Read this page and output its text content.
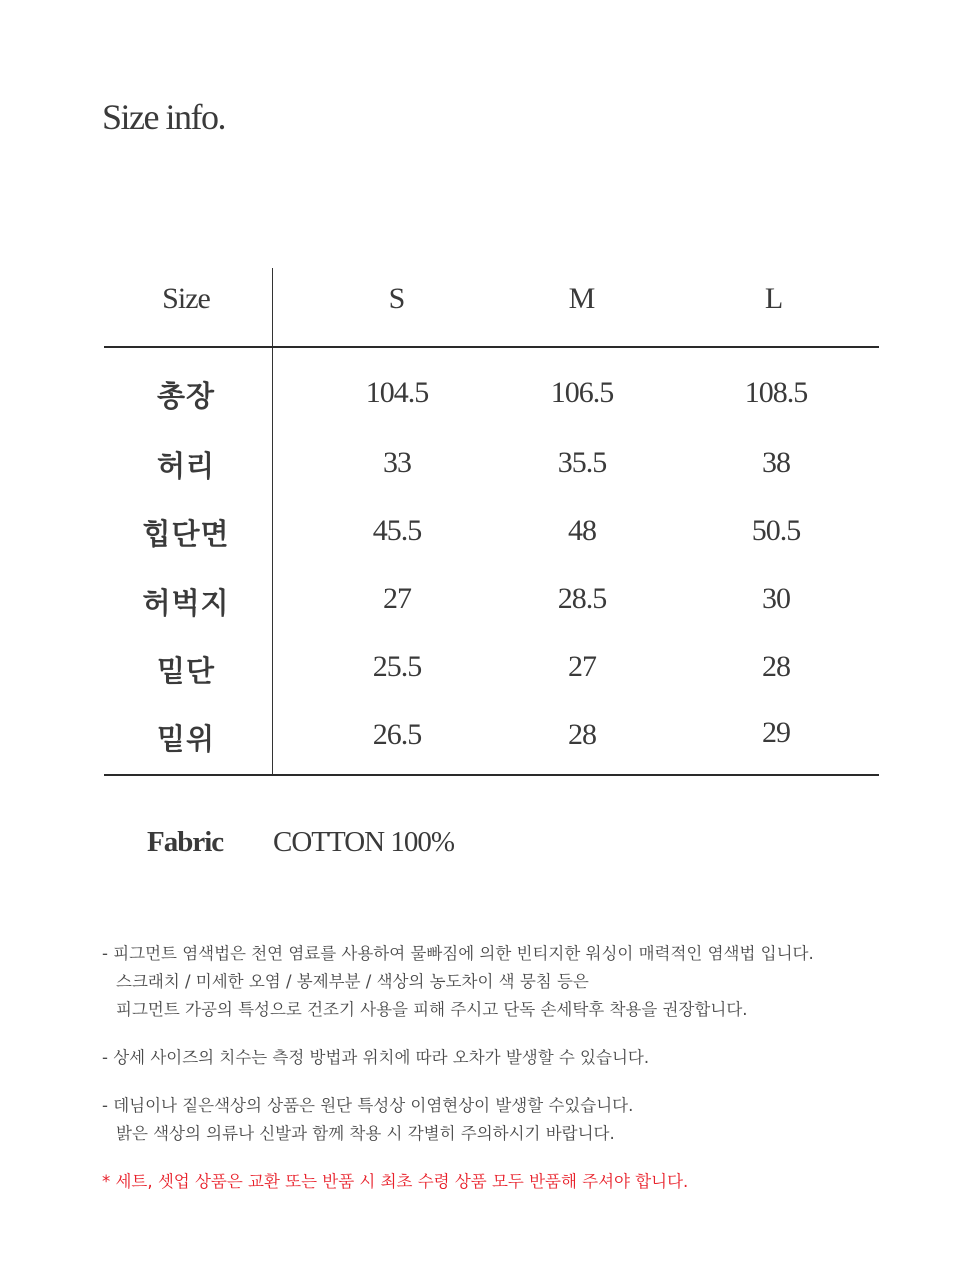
Size info.
Size	S	M	L
총장	104.5	106.5	108.5
허리	33	35.5	38
힙단면	45.5	48	50.5
허벅지	27	28.5	30
밑단	25.5	27	28
밑위	26.5	28	29
Fabric COTTON 100%
- 피그먼트 염색법은 천연 염료를 사용하여 물빠짐에 의한 빈티지한 워싱이 매력적인 염색법 입니다.
스크래치 / 미세한 오염 / 봉제부분 / 색상의 농도차이 색 뭉침 등은
피그먼트 가공의 특성으로 건조기 사용을 피해 주시고 단독 손세탁후 착용을 권장합니다.
- 상세 사이즈의 치수는 측정 방법과 위치에 따라 오차가 발생할 수 있습니다.
- 데님이나 짙은색상의 상품은 원단 특성상 이염현상이 발생할 수있습니다.
밝은 색상의 의류나 신발과 함께 착용 시 각별히 주의하시기 바랍니다.
* 세트, 셋업 상품은 교환 또는 반품 시 최초 수령 상품 모두 반품해 주셔야 합니다.
